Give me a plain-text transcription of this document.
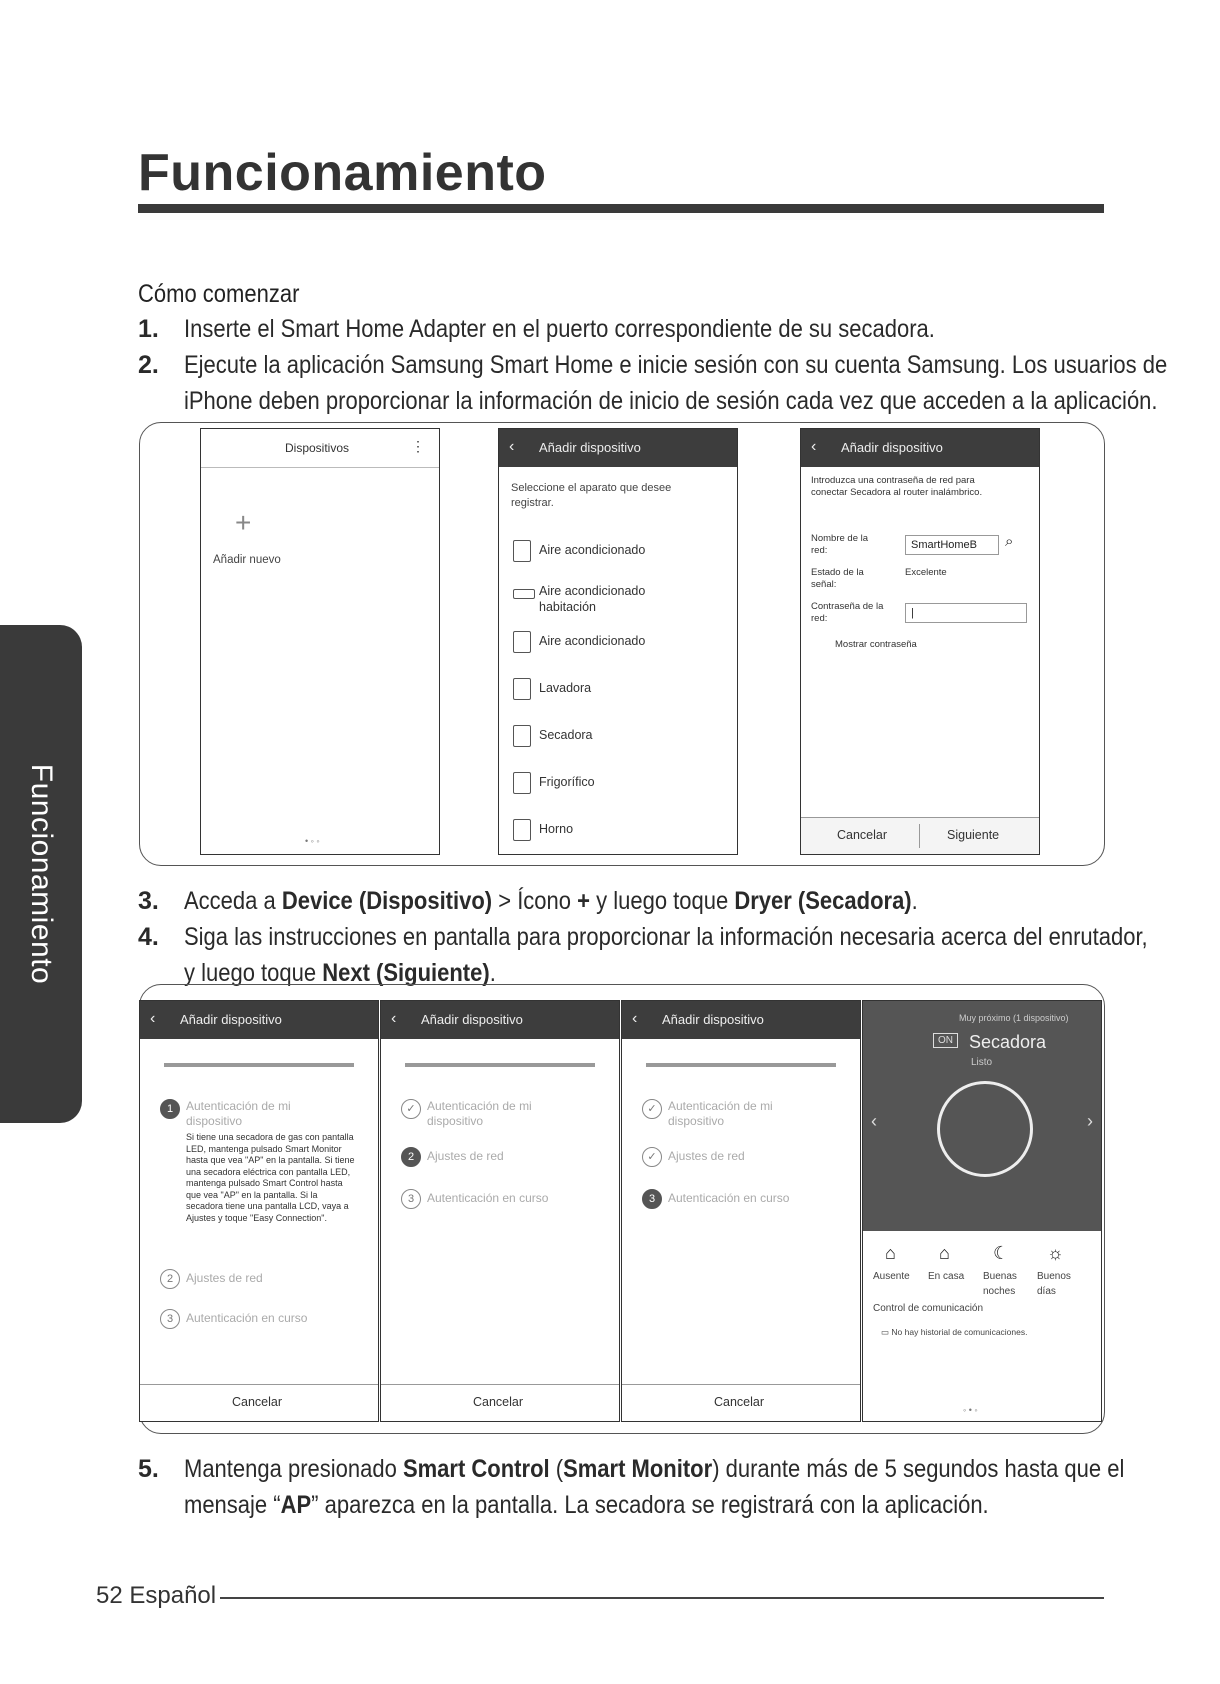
Funcionamiento
Funcionamiento
Cómo comenzar
1. Inserte el Smart Home Adapter en el puerto correspondiente de su secadora.
2. Ejecute la aplicación Samsung Smart Home e inicie sesión con su cuenta Samsung. Los usuarios de
iPhone deben proporcionar la información de inicio de sesión cada vez que acceden a la aplicación.
Dispositivos	⋮
+
Añadir nuevo
• ◦ ◦
‹ Añadir dispositivo
Seleccione el aparato que desee registrar.
Aire acondicionado
Aire acondicionado habitación
Aire acondicionado
Lavadora
Secadora
Frigorífico
Horno
‹ Añadir dispositivo
Introduzca una contraseña de red para conectar Secadora al router inalámbrico.
Nombre de la red:	SmartHomeB	⌕
Estado de la señal:
Excelente
Contraseña de la red:	|
Mostrar contraseña
Cancelar	Siguiente
3. Acceda a Device (Dispositivo) > Ícono + y luego toque Dryer (Secadora).
4. Siga las instrucciones en pantalla para proporcionar la información necesaria acerca del enrutador,
y luego toque Next (Siguiente).
‹ Añadir dispositivo
1	Autenticación de mi dispositivo
Si tiene una secadora de gas con pantalla LED, mantenga pulsado Smart Monitor hasta que vea "AP" en la pantalla. Si tiene una secadora eléctrica con pantalla LED, mantenga pulsado Smart Control hasta que vea "AP" en la pantalla. Si la secadora tiene una pantalla LCD, vaya a Ajustes y toque "Easy Connection".
2	Ajustes de red
3	Autenticación en curso
Cancelar
‹ Añadir dispositivo
✓ Autenticación de mi dispositivo
2	Ajustes de red
3	Autenticación en curso
Cancelar
‹ Añadir dispositivo
✓ Autenticación de mi dispositivo
✓ Ajustes de red
3	Autenticación en curso
Cancelar
Muy próximo (1 dispositivo)
ON Secadora
Listo
‹	›
⌂ ⌂ ☾ ☼
Ausente En casa Buenas noches
Buenos días
Control de comunicación
▭ No hay historial de comunicaciones.
◦ • ◦
5. Mantenga presionado Smart Control (Smart Monitor) durante más de 5 segundos hasta que el
mensaje “AP” aparezca en la pantalla. La secadora se registrará con la aplicación.
52 Español
